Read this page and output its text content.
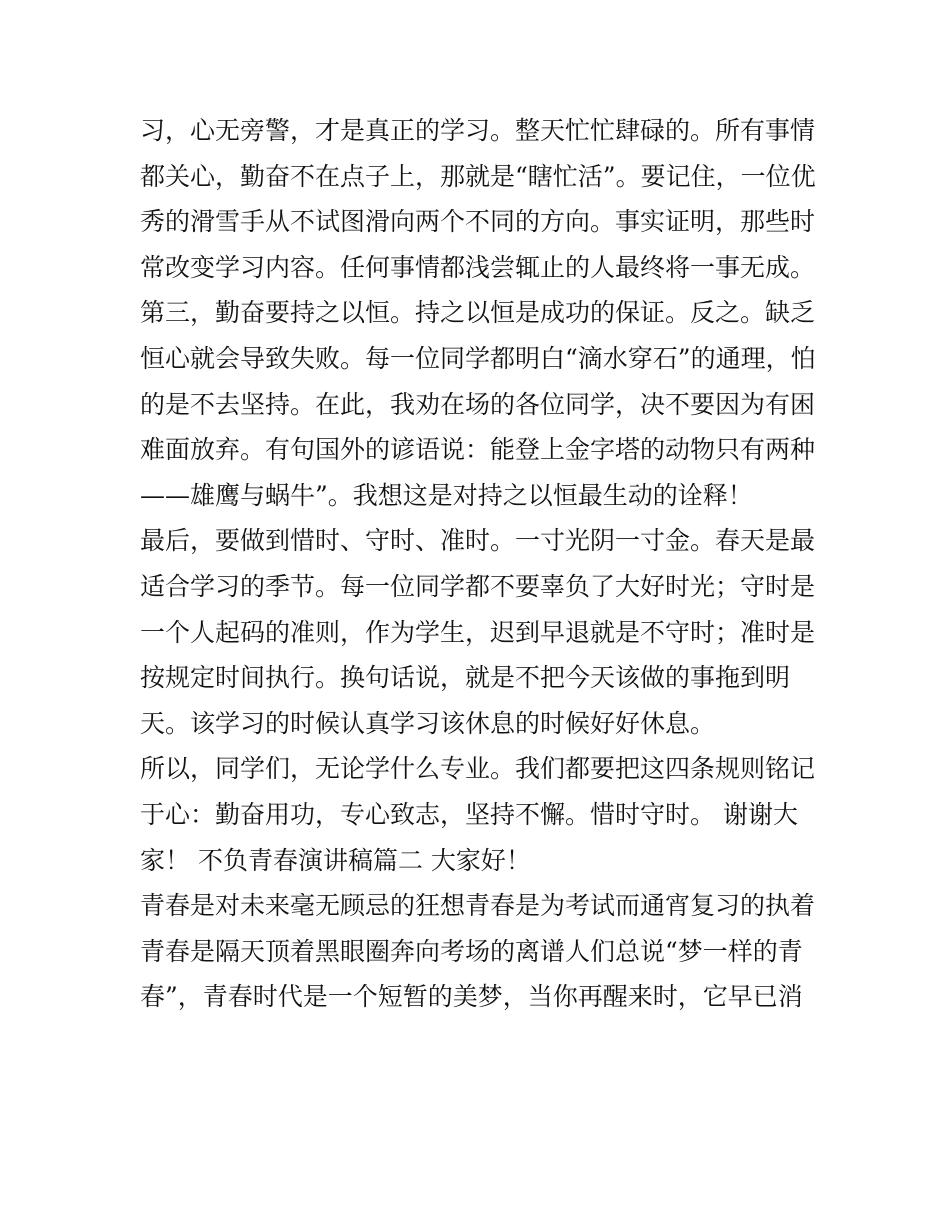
习，心无旁警，才是真正的学习。整天忙忙肆碌的。所有事情
都关心，勤奋不在点子上，那就是“瞎忙活”。要记住，一位优
秀的滑雪手从不试图滑向两个不同的方向。事实证明，那些时
常改变学习内容。任何事情都浅尝辄止的人最终将一事无成。
第三，勤奋要持之以恒。持之以恒是成功的保证。反之。缺乏
恒心就会导致失败。每一位同学都明白“滴水穿石”的通理，怕
的是不去坚持。在此，我劝在场的各位同学，决不要因为有困
难面放弃。有句国外的谚语说：能登上金字塔的动物只有两种
——雄鹰与蜗牛”。我想这是对持之以恒最生动的诠释！
最后，要做到惜时、守时、准时。一寸光阴一寸金。春天是最
适合学习的季节。每一位同学都不要辜负了大好时光；守时是
一个人起码的准则，作为学生，迟到早退就是不守时；准时是
按规定时间执行。换句话说，就是不把今天该做的事拖到明
天。该学习的时候认真学习该休息的时候好好休息。
所以，同学们，无论学什么专业。我们都要把这四条规则铭记
于心：勤奋用功，专心致志，坚持不懈。惜时守时。 谢谢大
家！ 不负青春演讲稿篇二 大家好！
青春是对未来毫无顾忌的狂想青春是为考试而通宵复习的执着
青春是隔天顶着黑眼圈奔向考场的离谱人们总说“梦一样的青
春”，青春时代是一个短暂的美梦，当你再醒来时，它早已消
